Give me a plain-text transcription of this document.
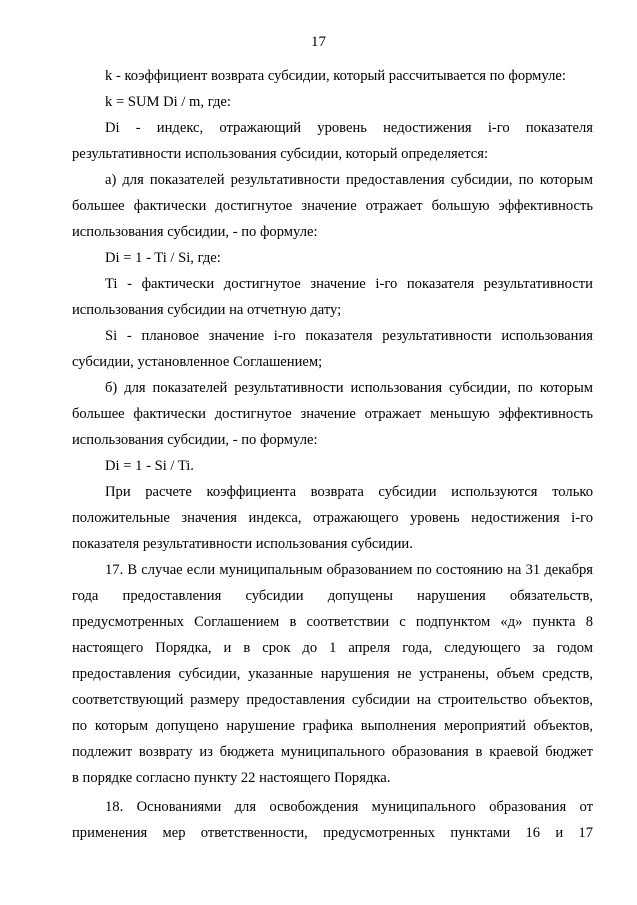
17
k - коэффициент возврата субсидии, который рассчитывается по формуле:
k = SUM Di / m, где:
Di - индекс, отражающий уровень недостижения i-го показателя
результативности использования субсидии, который определяется:
а) для показателей результативности предоставления субсидии, по которым
большее фактически достигнутое значение отражает большую эффективность
использования субсидии, - по формуле:
Di = 1 - Ti / Si, где:
Ti - фактически достигнутое значение i-го показателя результативности
использования субсидии на отчетную дату;
Si - плановое значение i-го показателя результативности использования
субсидии, установленное Соглашением;
б) для показателей результативности использования субсидии, по которым
большее фактически достигнутое значение отражает меньшую эффективность
использования субсидии, - по формуле:
Di = 1 - Si / Ti.
При расчете коэффициента возврата субсидии используются только
положительные значения индекса, отражающего уровень недостижения i-го
показателя результативности использования субсидии.
17. В случае если муниципальным образованием по состоянию на 31 декабря
года предоставления субсидии допущены нарушения обязательств,
предусмотренных Соглашением в соответствии с подпунктом «д» пункта 8
настоящего Порядка, и в срок до 1 апреля года, следующего за годом
предоставления субсидии, указанные нарушения не устранены, объем средств,
соответствующий размеру предоставления субсидии на строительство объектов,
по которым допущено нарушение графика выполнения мероприятий объектов,
подлежит возврату из бюджета муниципального образования в краевой бюджет
в порядке согласно пункту 22 настоящего Порядка.
18. Основаниями для освобождения муниципального образования от
применения мер ответственности, предусмотренных пунктами 16 и 17
